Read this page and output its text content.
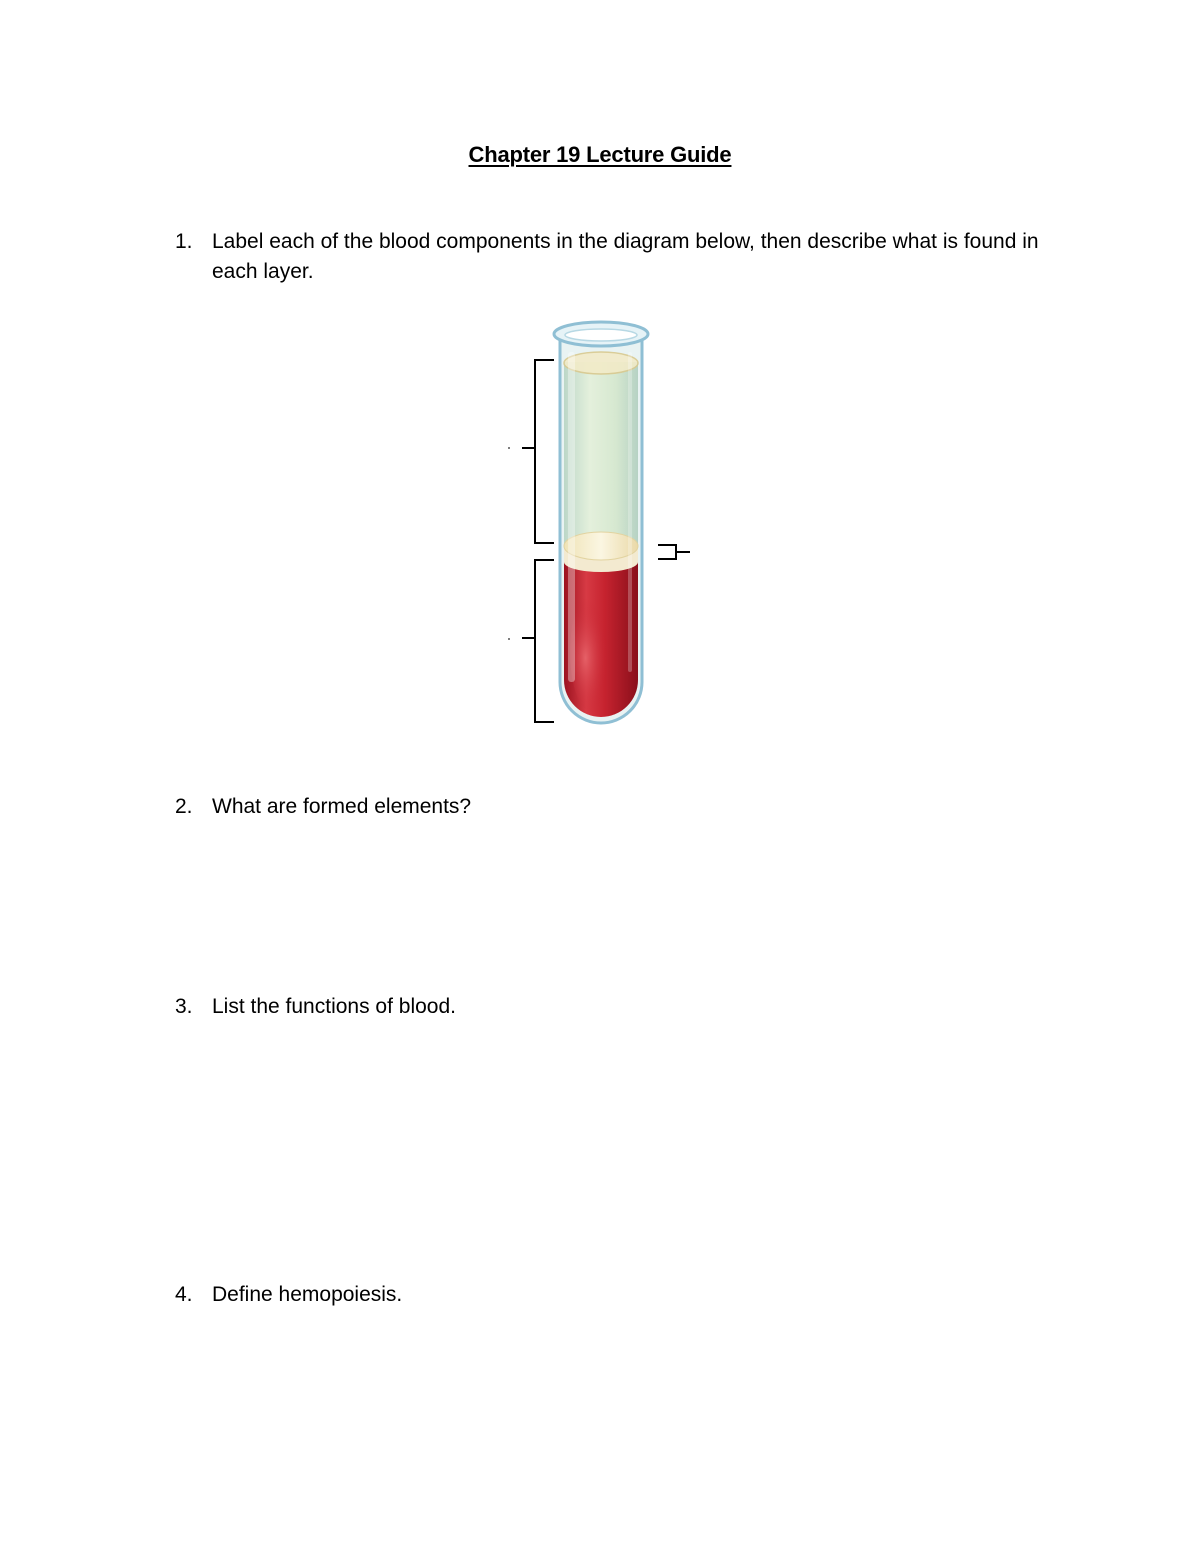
Chapter 19 Lecture Guide
1. Label each of the blood components in the diagram below, then describe what is found in each layer.
2. What are formed elements?
3. List the functions of blood.
4. Define hemopoiesis.
